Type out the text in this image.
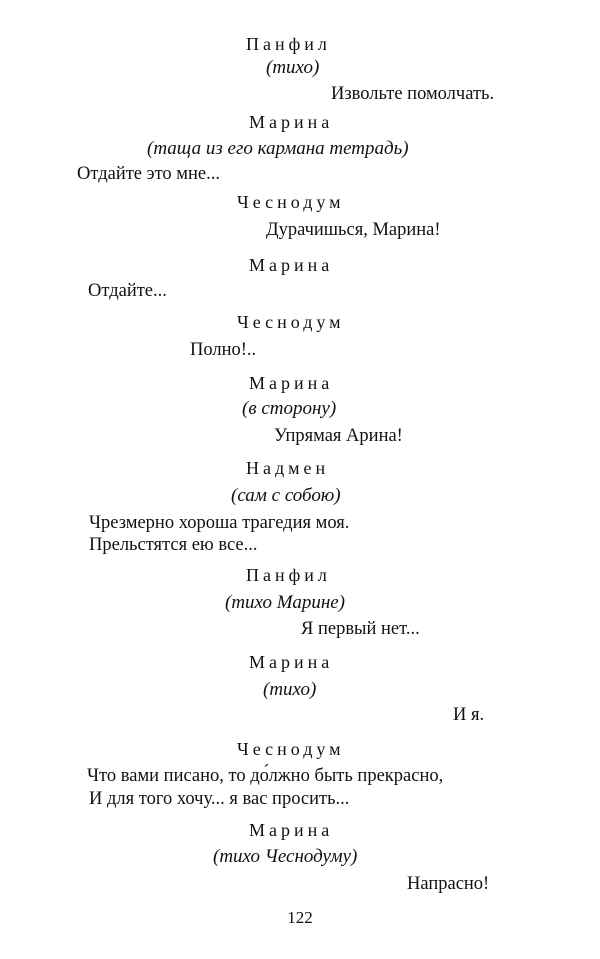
Панфил
(тихо)
Извольте помолчать.
Марина
(таща из его кармана тетрадь)
Отдайте это мне...
Чеснодум
Дурачишься, Марина!
Марина
Отдайте...
Чеснодум
Полно!..
Марина
(в сторону)
Упрямая Арина!
Надмен
(сам с собою)
Чрезмерно хороша трагедия моя.
Прельстятся ею все...
Панфил
(тихо Марине)
Я первый нет...
Марина
(тихо)
И я.
Чеснодум
Что вами писано, то до́лжно быть прекрасно,
И для того хочу... я вас просить...
Марина
(тихо Чеснодуму)
Напрасно!
122
